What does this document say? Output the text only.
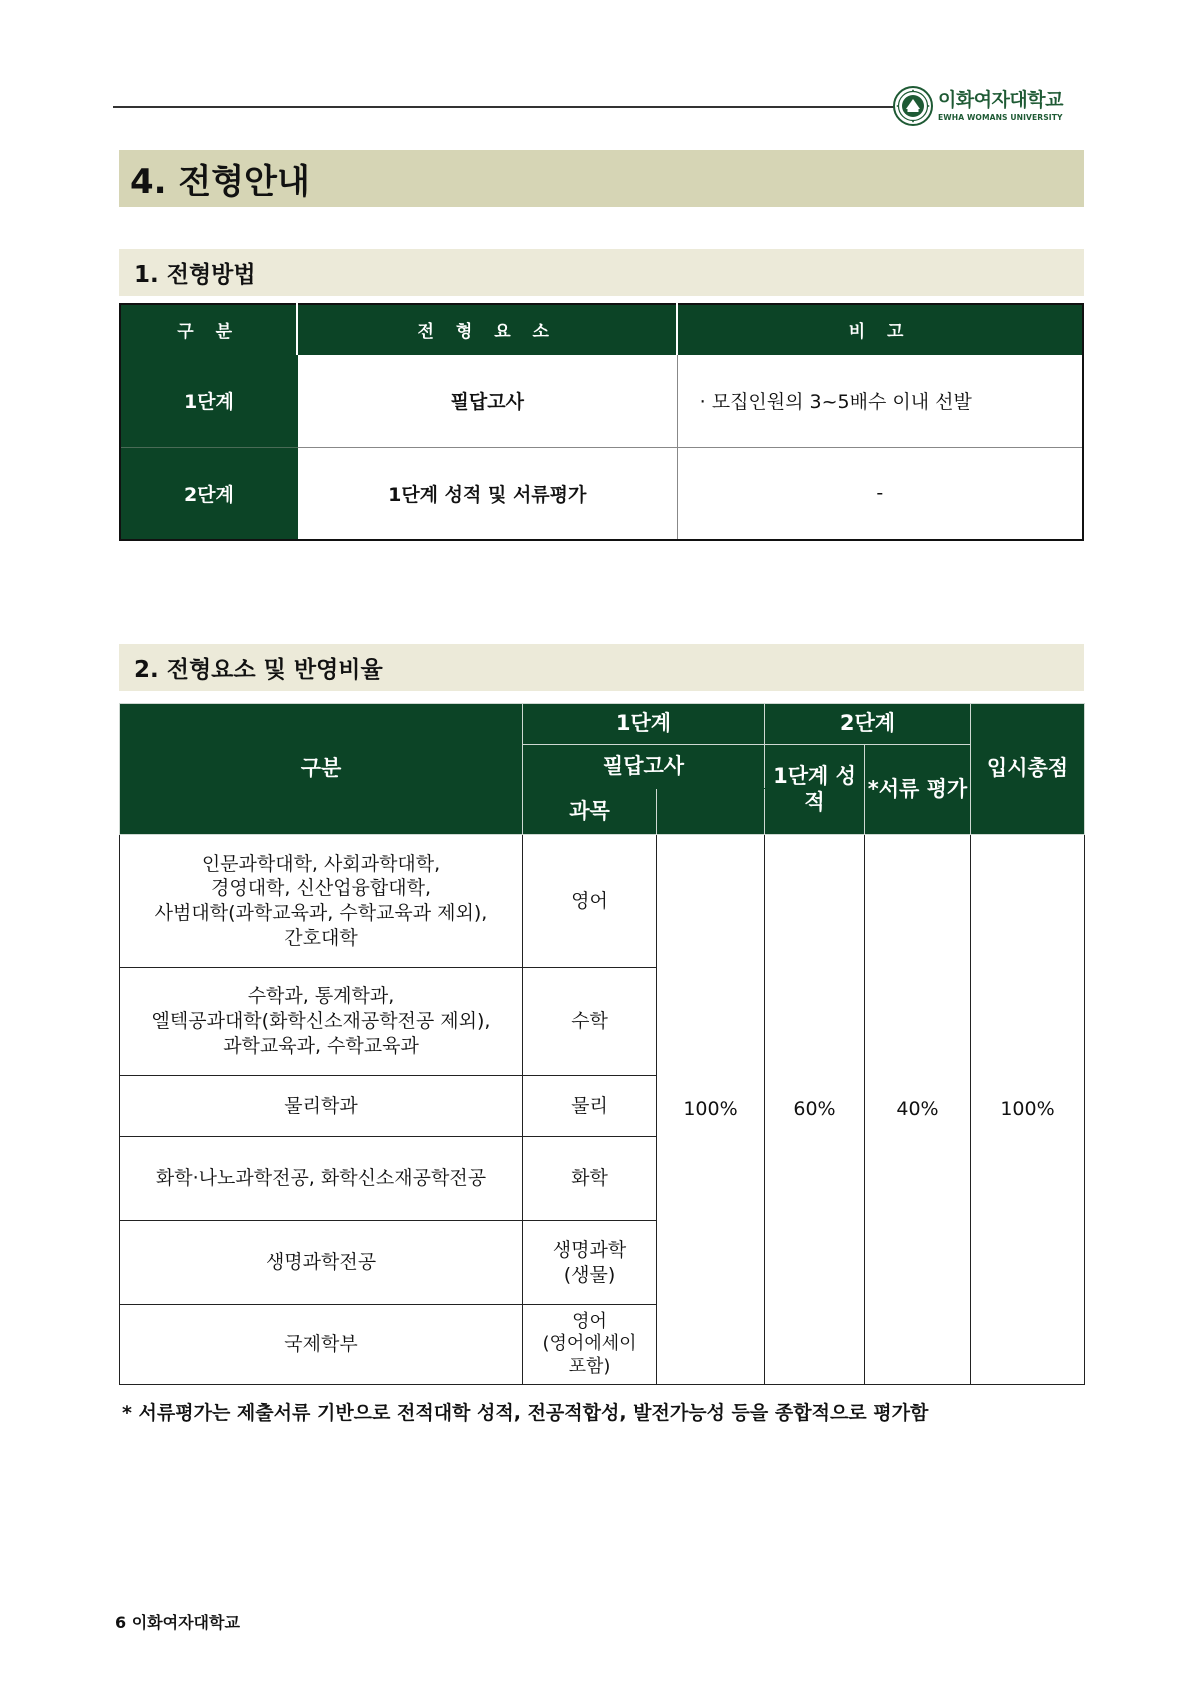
이화여자대학교
EWHA WOMANS UNIVERSITY
4. 전형안내
1. 전형방법
구 분	전 형 요 소	비 고
1단계	필답고사	· 모집인원의 3~5배수 이내 선발
2단계	1단계 성적 및 서류평가	-
2. 전형요소 및 반영비율
구분	1단계		2단계		입시총점
	필답고사		1단계 성적	*서류 평가	
	과목				
인문과학대학, 사회과학대학,
경영대학, 신산업융합대학,
사범대학(과학교육과, 수학교육과 제외),
간호대학	영어	100%	60%	40%	100%
수학과, 통계학과,
엘텍공과대학(화학신소재공학전공 제외),
과학교육과, 수학교육과	수학				
물리학과	물리				
화학·나노과학전공, 화학신소재공학전공	화학				
생명과학전공	생명과학
(생물)				
국제학부	영어
(영어에세이
포함)				
* 서류평가는 제출서류 기반으로 전적대학 성적, 전공적합성, 발전가능성 등을 종합적으로 평가함
6 이화여자대학교
